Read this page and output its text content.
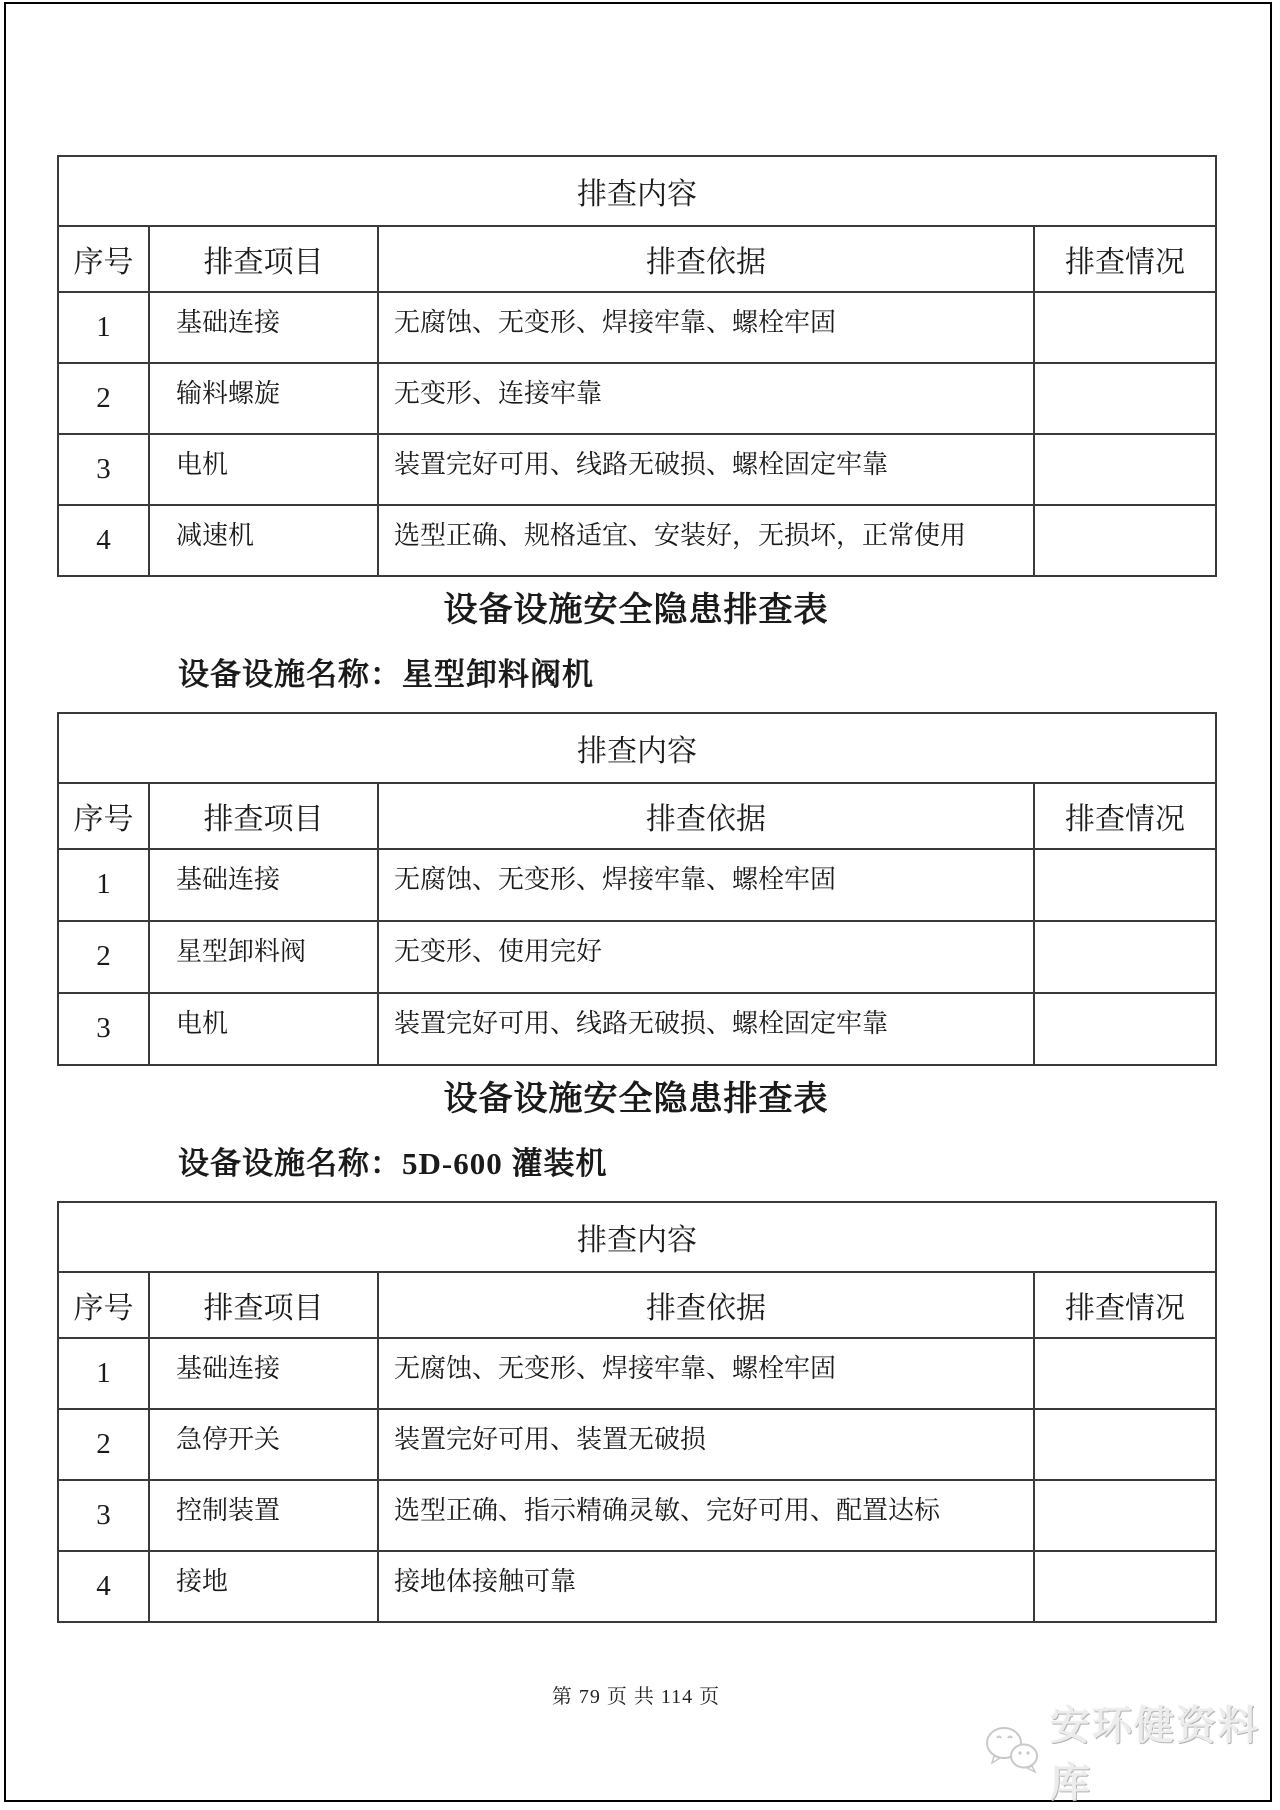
排查内容			
序号	排查项目	排查依据	排查情况
1	基础连接	无腐蚀、无变形、焊接牢靠、螺栓牢固	
2	输料螺旋	无变形、连接牢靠	
3	电机	装置完好可用、线路无破损、螺栓固定牢靠	
4	减速机	选型正确、规格适宜、安装好，无损坏，正常使用	
设备设施安全隐患排查表
设备设施名称：星型卸料阀机
排查内容			
序号	排查项目	排查依据	排查情况
1	基础连接	无腐蚀、无变形、焊接牢靠、螺栓牢固	
2	星型卸料阀	无变形、使用完好	
3	电机	装置完好可用、线路无破损、螺栓固定牢靠	
设备设施安全隐患排查表
设备设施名称：5D-600 灌装机
排查内容			
序号	排查项目	排查依据	排查情况
1	基础连接	无腐蚀、无变形、焊接牢靠、螺栓牢固	
2	急停开关	装置完好可用、装置无破损	
3	控制装置	选型正确、指示精确灵敏、完好可用、配置达标	
4	接地	接地体接触可靠	
第 79 页 共 114 页
安环健资料库
